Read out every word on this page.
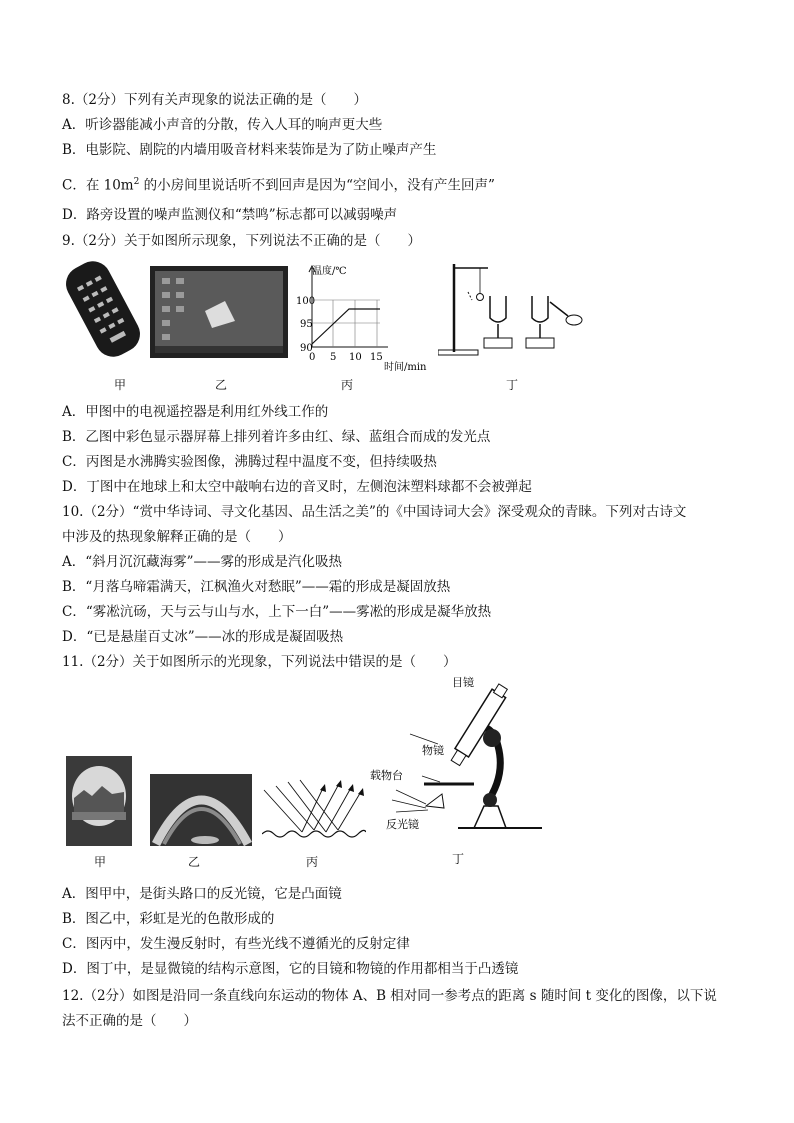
8.（2分）下列有关声现象的说法正确的是（　　）
A．听诊器能减小声音的分散，传入人耳的响声更大些
B．电影院、剧院的内墙用吸音材料来装饰是为了防止噪声产生
C．在 $10m^2$ 的小房间里说话听不到回声是因为“空间小，没有产生回声”
D．路旁设置的噪声监测仪和“禁鸣”标志都可以减弱噪声
9.（2分）关于如图所示现象，下列说法不正确的是（　　）
温度/℃
100
95
90
0 5 10 15
时间/min
甲	乙	丙	丁
A．甲图中的电视遥控器是利用红外线工作的
B．乙图中彩色显示器屏幕上排列着许多由红、绿、蓝组合而成的发光点
C．丙图是水沸腾实验图像，沸腾过程中温度不变，但持续吸热
D．丁图中在地球上和太空中敲响右边的音叉时，左侧泡沫塑料球都不会被弹起
10.（2分）“赏中华诗词、寻文化基因、品生活之美”的《中国诗词大会》深受观众的青睐。下列对古诗文
中涉及的热现象解释正确的是（　　）
A．“斜月沉沉藏海雾”——雾的形成是汽化吸热
B．“月落乌啼霜满天，江枫渔火对愁眠”——霜的形成是凝固放热
C．“雾凇沆砀，天与云与山与水，上下一白”——雾凇的形成是凝华放热
D．“已是悬崖百丈冰”——冰的形成是凝固吸热
11.（2分）关于如图所示的光现象，下列说法中错误的是（　　）
目镜
物镜
载物台
反光镜
甲	乙	丙	丁
A．图甲中，是街头路口的反光镜，它是凸面镜
B．图乙中，彩虹是光的色散形成的
C．图丙中，发生漫反射时，有些光线不遵循光的反射定律
D．图丁中，是显微镜的结构示意图，它的目镜和物镜的作用都相当于凸透镜
12.（2分）如图是沿同一条直线向东运动的物体 A、B 相对同一参考点的距离 s 随时间 t 变化的图像，以下说
法不正确的是（　　）
